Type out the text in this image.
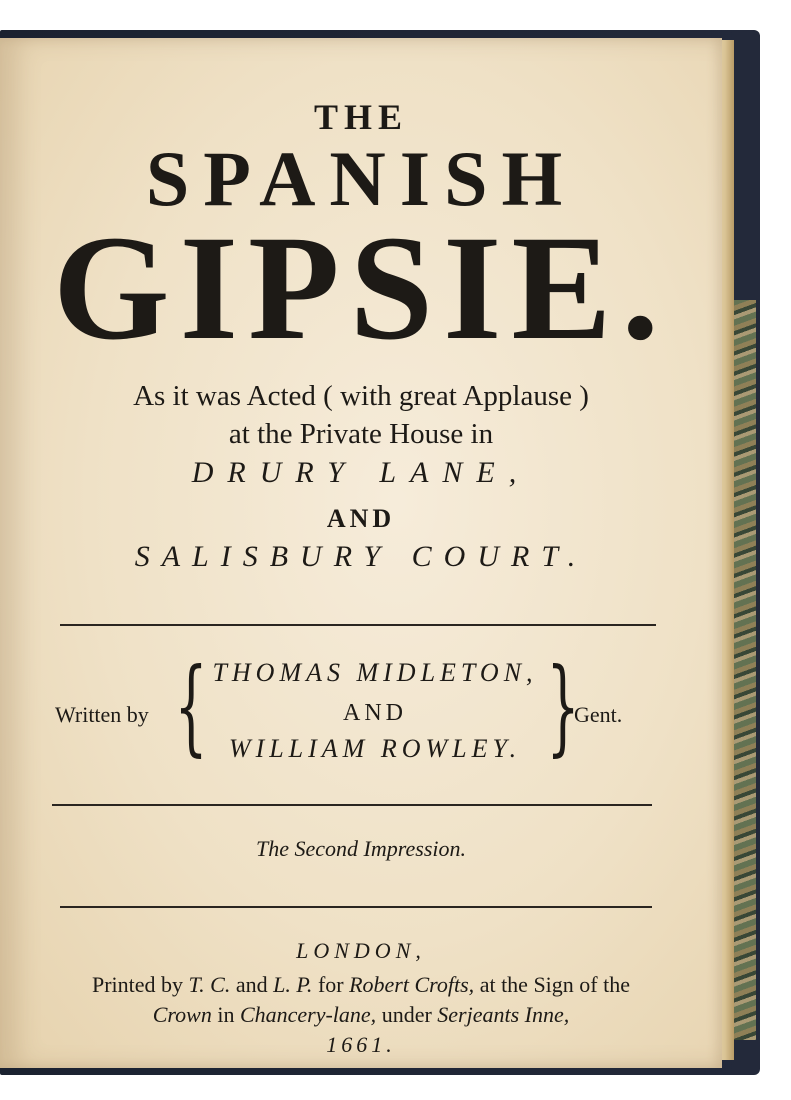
THE
SPANISH
GIPSIE.
As it was Acted ( with great Applause )
at the Private House in
DRURY LANE,
AND
SALISBURY COURT.
Written by { THOMAS MIDLETON,
AND
WILLIAM ROWLEY. }
Gent.
The Second Impression.
LONDON,
Printed by T. C. and L. P. for Robert Crofts, at the Sign of the
Crown in Chancery-lane, under Serjeants Inne,
1661.
